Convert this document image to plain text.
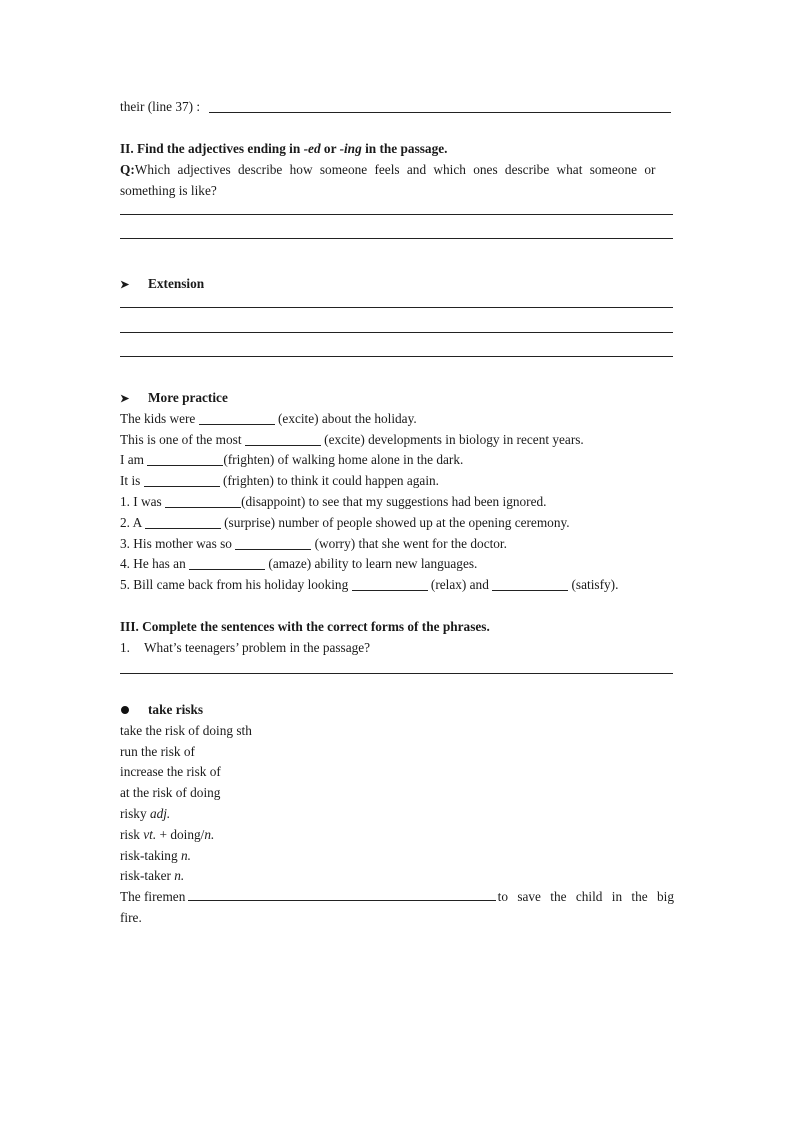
their (line 37) :
II. Find the adjectives ending in -ed or -ing in the passage.
Q:Which adjectives describe how someone feels and which ones describe what someone or
something is like?
➤ Extension
➤ More practice
The kids were	(excite) about the holiday.
This is one of the most	(excite) developments in biology in recent years.
I am	(frighten) of walking home alone in the dark.
It is	(frighten) to think it could happen again.
1. I was	(disappoint) to see that my suggestions had been ignored.
2. A	(surprise) number of people showed up at the opening ceremony.
3. His mother was so	(worry) that she went for the doctor.
4. He has an	(amaze) ability to learn new languages.
5. Bill came back from his holiday looking	(relax) and	(satisfy).
III. Complete the sentences with the correct forms of the phrases.
1. What’s teenagers’ problem in the passage?
take risks
take the risk of doing sth
run the risk of
increase the risk of
at the risk of doing
risky adj.
risk vt. + doing/n.
risk-taking n.
risk-taker n.
The firemen	to save the child in the big
fire.
